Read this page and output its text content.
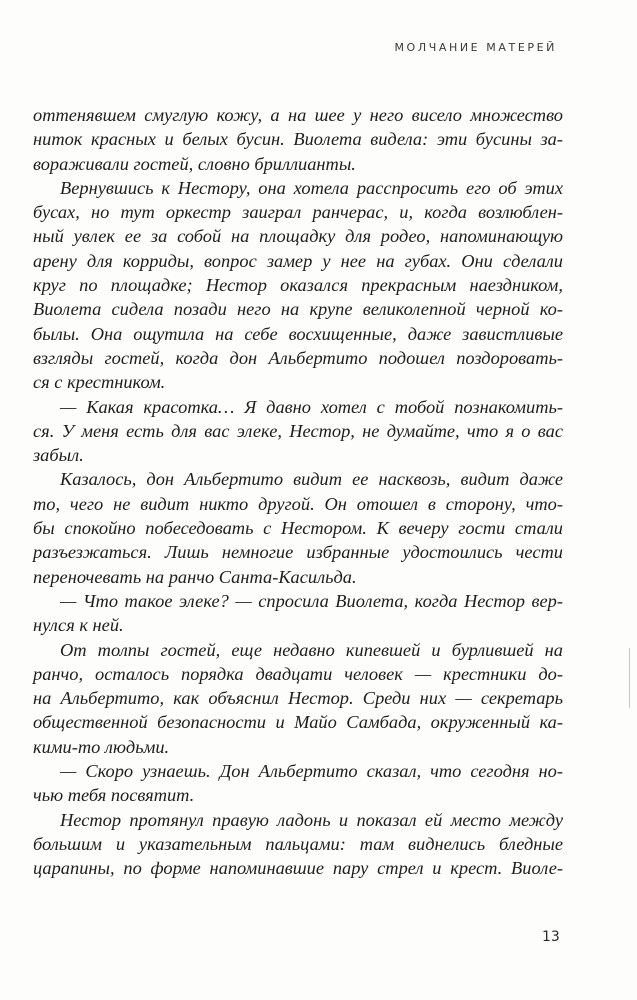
МОЛЧАНИЕ МАТЕРЕЙ
оттенявшем смуглую кожу, а на шее у него висело множество
ниток красных и белых бусин. Виолета видела: эти бусины за-
вораживали гостей, словно бриллианты.
Вернувшись к Нестору, она хотела расспросить его об этих
бусах, но тут оркестр заиграл ранчерас, и, когда возлюблен-
ный увлек ее за собой на площадку для родео, напоминающую
арену для корриды, вопрос замер у нее на губах. Они сделали
круг по площадке; Нестор оказался прекрасным наездником,
Виолета сидела позади него на крупе великолепной черной ко-
былы. Она ощутила на себе восхищенные, даже завистливые
взгляды гостей, когда дон Альбертито подошел поздоровать-
ся с крестником.
— Какая красотка… Я давно хотел с тобой познакомить-
ся. У меня есть для вас элеке, Нестор, не думайте, что я о вас
забыл.
Казалось, дон Альбертито видит ее насквозь, видит даже
то, чего не видит никто другой. Он отошел в сторону, что-
бы спокойно побеседовать с Нестором. К вечеру гости стали
разъезжаться. Лишь немногие избранные удостоились чести
переночевать на ранчо Санта-Касильда.
— Что такое элеке? — спросила Виолета, когда Нестор вер-
нулся к ней.
От толпы гостей, еще недавно кипевшей и бурлившей на
ранчо, осталось порядка двадцати человек — крестники до-
на Альбертито, как объяснил Нестор. Среди них — секретарь
общественной безопасности и Майо Самбада, окруженный ка-
кими-то людьми.
— Скоро узнаешь. Дон Альбертито сказал, что сегодня но-
чью тебя посвятит.
Нестор протянул правую ладонь и показал ей место между
большим и указательным пальцами: там виднелись бледные
царапины, по форме напоминавшие пару стрел и крест. Виоле-
13
